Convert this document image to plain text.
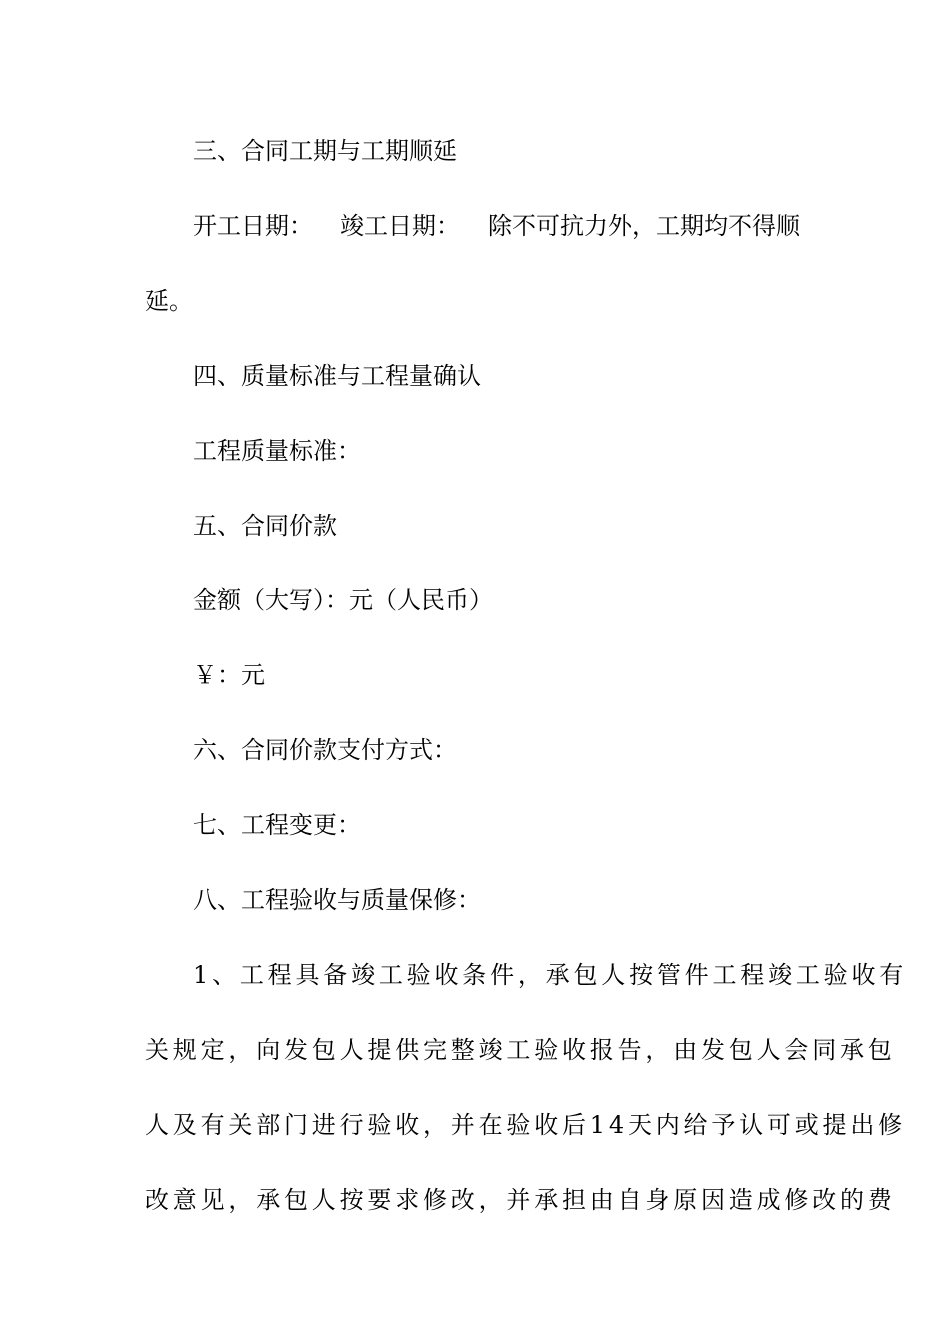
三、合同工期与工期顺延
开工日期： 竣工日期： 除不可抗力外，工期均不得顺
延。
四、质量标准与工程量确认
工程质量标准：
五、合同价款
金额（大写）：元（人民币）
￥：元
六、合同价款支付方式：
七、工程变更：
八、工程验收与质量保修：
1、工程具备竣工验收条件，承包人按管件工程竣工验收有
关规定，向发包人提供完整竣工验收报告，由发包人会同承包
人及有关部门进行验收，并在验收后14天内给予认可或提出修
改意见，承包人按要求修改，并承担由自身原因造成修改的费
